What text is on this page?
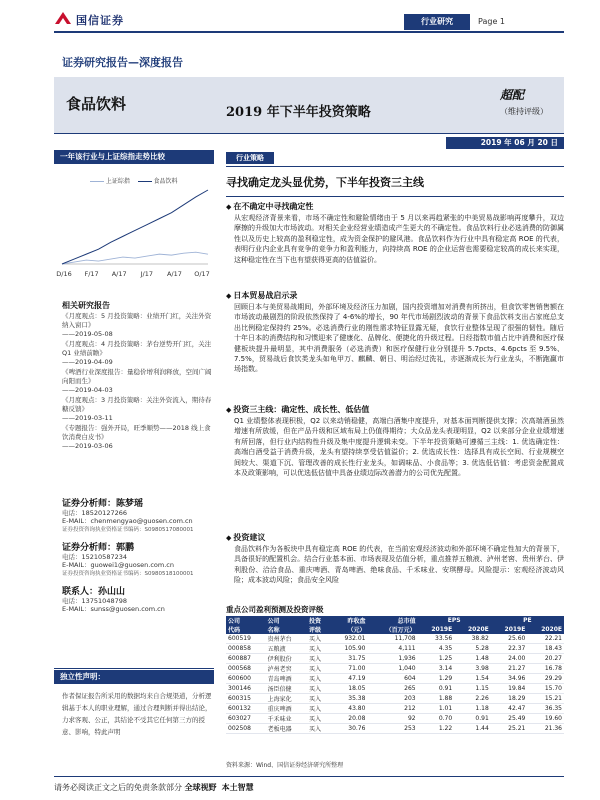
国信证券	行业研究	Page 1
证券研究报告—深度报告
食品饮料	2019 年下半年投资策略
超配
（维持评级）
2019 年 06 月 20 日
一年该行业与上证综指走势比较
上证综指	食品饮料
D/16 F/17 A/17 J/17 A/17 O/17
相关研究报告
《月度观点：5 月投资策略：业绩开门红，关注外资纳入窗口》
——2019-05-08
《月度观点：4 月投资策略：茅台逆势开门红，关注 Q1 业绩前瞻》
——2019-04-09
《啤酒行业深度报告：量稳价增利润释放，空间广阔向阳而生》
——2019-04-03
《月度观点：3 月投资策略：关注外资流入，期待春糖反馈》
——2019-03-11
《专题报告：强外开局，旺季顺势——2018 线上食饮消费白皮书》
——2019-03-06
证券分析师：陈梦瑶
电话：18520127266
E-MAIL：chenmengyao@guosen.com.cn
证券投资咨询执业资格证书编码：S0980517080001
证券分析师：郭鹏
电话：15210587234
E-MAIL：guowei1@guosen.com.cn
证券投资咨询执业资格证书编码：S0980518100001
联系人：孙山山
电话：13751048798
E-MAIL：sunss@guosen.com.cn
独立性声明：
作者保证报告所采用的数据均来自合规渠道，分析逻辑基于本人的职业理解，通过合理判断并得出结论，力求客观、公正，其结论不受其它任何第三方的授意、影响，特此声明
行业策略
寻找确定龙头显优势，下半年投资三主线
◆ 在不确定中寻找确定性
从宏观经济背景来看，市场不确定性和避险情绪由于 5 月以来再趋紧张的中美贸易战影响再度攀升，双边摩擦的升级加大市场波动。对相关企业经营业绩造成产生更大的不确定性。食品饮料行业必选消费的防御属性以及历史上较高的盈利稳定性，成为资金保护的避风港。食品饮料作为行业中具有稳定高 ROE 的代表，表明行业内企业具有竞争的竞争力和盈利能力，向持续高 ROE 的企业运营也需要稳定较高的成长来实现，这种稳定性在当下也有望获得更高的估值溢价。
◆ 日本贸易战启示录
回顾日本与美贸易战期间，外部环境及经济压力加剧，国内投资增加对消费有所挤出，但食饮零售销售额在市场波动最剧烈的阶段依然保持了 4-6%的增长，90 年代市场剧烈波动的背景下食品饮料支出占家庭总支出比例稳定保持约 25%。必选消费行业的刚性需求特征显露无疑，食饮行业整体呈现了很强的韧性。随后十年日本的消费结构和习惯迎来了健康化、品牌化、便捷化的升级过程。日经指数市值占比中消费和医疗保健板块提升最明显，其中消费服务（必选消费）和医疗保健行业分别提升 5.7pcts、4.6pcts 至 9.5%、7.5%，贸易战后食饮类龙头如龟甲万、麒麟、朝日、明治经过洗礼，亦逐渐成长为行业龙头，不断跑赢市场指数。
◆ 投资三主线：确定性、成长性、低估值
Q1 业绩整体表现积极，Q2 以来动销稳健，高端白酒集中度提升，对基本面判断提供支撑；次高端酒虽然增速有所放缓，但在产品升级和区域布局上仍值得期待；大众品龙头表现明显，Q2 以来部分企业业绩增速有所回落，但行业内结构性升级及集中度提升逻辑未变。下半年投资策略可遵循三主线：1. 优选确定性：高端白酒受益于消费升级，龙头有望持续享受估值溢价；2. 优选成长性：选择具有成长空间、行业规模空间较大、渠道下沉、管理改善的成长性行业龙头，如调味品、小食品等；3. 优选低估值：考虑资金配置成本及政策影响，可以优选低估值中具备业绩边际改善潜力的公司优先配置。
◆ 投资建议
食品饮料作为各板块中具有稳定高 ROE 的代表，在当前宏观经济波动和外部环境不确定性加大的背景下，具备很好的配置机会。结合行业基本面、市场表现及估值分析，重点推荐五粮液、泸州老窖、贵州茅台、伊利股份、洽洽食品、重庆啤酒、青岛啤酒、绝味食品、千禾味业、安琪酵母。风险提示：宏观经济波动风险；成本波动风险；食品安全风险
重点公司盈利预测及投资评级
公司	公司	投资	昨收盘	总市值	EPS		PE	
代码	名称	评级	（元）	（百万元）	2019E	2020E	2019E	2020E
600519	贵州茅台	买入	932.01	11,708	33.56	38.82	25.60	22.21
000858	五粮液	买入	105.90	4,111	4.35	5.28	22.37	18.43
600887	伊利股份	买入	31.75	1,936	1.25	1.48	24.00	20.27
000568	泸州老窖	买入	71.00	1,040	3.14	3.98	21.27	16.78
600600	青岛啤酒	买入	47.19	604	1.29	1.54	34.96	29.29
300146	汤臣倍健	买入	18.05	265	0.91	1.15	19.84	15.70
600315	上海家化	买入	35.38	203	1.88	2.26	18.29	15.21
600132	重庆啤酒	买入	43.80	212	1.01	1.18	42.47	36.35
603027	千禾味业	买入	20.08	92	0.70	0.91	25.49	19.60
002508	老板电器	买入	30.76	253	1.22	1.44	25.21	21.36
资料来源：Wind、国信证券经济研究所整理
请务必阅读正文之后的免责条款部分 全球视野 本土智慧
